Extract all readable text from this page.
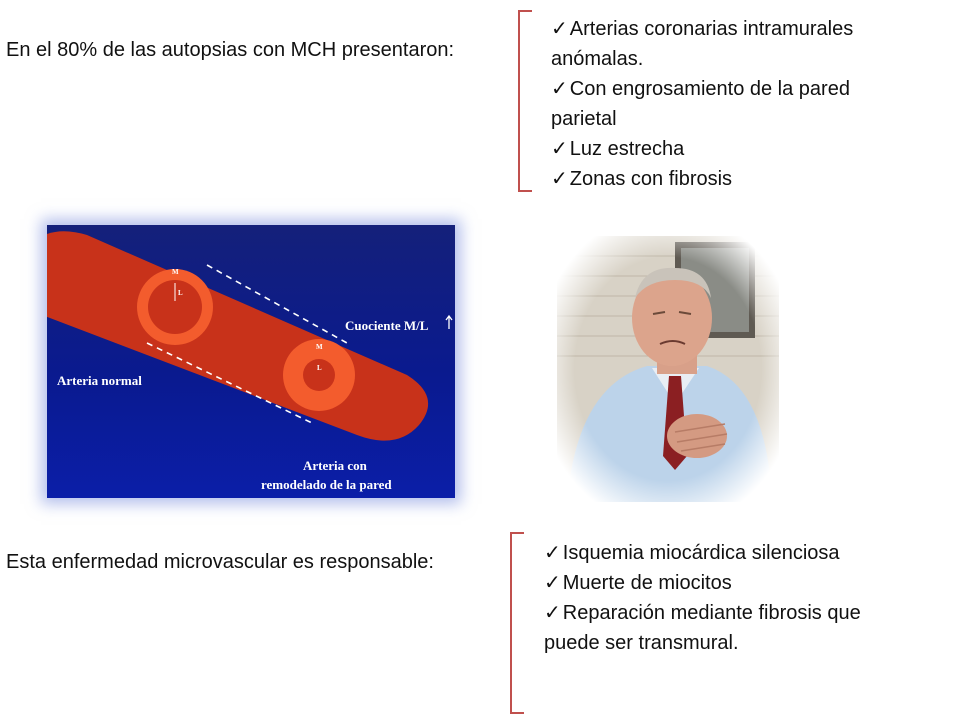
En el 80% de las autopsias con MCH presentaron:
✓ Arterias coronarias intramurales
anómalas.
✓ Con engrosamiento de la pared
parietal
✓ Luz estrecha
✓ Zonas con fibrosis
M
L
M
L
Arteria normal
Cuociente M/L
Arteria con
remodelado de la pared
Esta enfermedad microvascular es responsable:	✓ Isquemia miocárdica silenciosa
✓ Muerte de miocitos
✓ Reparación mediante fibrosis que
puede ser transmural.
